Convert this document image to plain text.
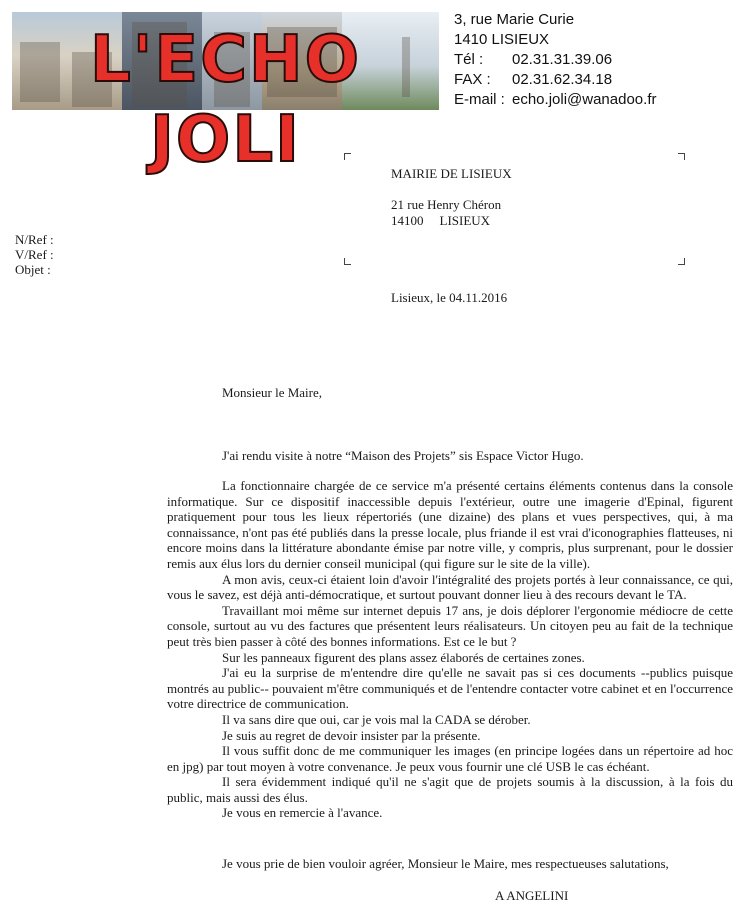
L'ECHO JOLI
3, rue Marie Curie
1410 LISIEUX
Tél : 02.31.31.39.06
FAX : 02.31.62.34.18
E-mail : echo.joli@wanadoo.fr
MAIRIE DE LISIEUX
21 rue Henry Chéron
14100 LISIEUX
N/Ref :
V/Ref :
Objet :
Lisieux, le 04.11.2016
Monsieur le Maire,
J'ai rendu visite à notre “Maison des Projets” sis Espace Victor Hugo.

La fonctionnaire chargée de ce service m'a présenté certains éléments contenus dans la console informatique. Sur ce dispositif inaccessible depuis l'extérieur, outre une imagerie d'Epinal, figurent pratiquement pour tous les lieux répertoriés (une dizaine) des plans et vues perspectives, qui, à ma connaissance, n'ont pas été publiés dans la presse locale, plus friande il est vrai d'iconographies flatteuses, ni encore moins dans la littérature abondante émise par notre ville, y compris, plus surprenant, pour le dossier remis aux élus lors du dernier conseil municipal (qui figure sur le site de la ville).

A mon avis, ceux-ci étaient loin d'avoir l'intégralité des projets portés à leur connaissance, ce qui, vous le savez, est déjà anti-démocratique, et surtout pouvant donner lieu à des recours devant le TA.

Travaillant moi même sur internet depuis 17 ans, je dois déplorer l'ergonomie médiocre de cette console, surtout au vu des factures que présentent leurs réalisateurs. Un citoyen peu au fait de la technique peut très bien passer à côté des bonnes informations. Est ce le but ?

Sur les panneaux figurent des plans assez élaborés de certaines zones.

J'ai eu la surprise de m'entendre dire qu'elle ne savait pas si ces documents --publics puisque montrés au public-- pouvaient m'être communiqués et de l'entendre contacter votre cabinet et en l'occurrence votre directrice de communication.

Il va sans dire que oui, car je vois mal la CADA se dérober.

Je suis au regret de devoir insister par la présente.

Il vous suffit donc de me communiquer les images (en principe logées dans un répertoire ad hoc en jpg) par tout moyen à votre convenance. Je peux vous fournir une clé USB le cas échéant.

Il sera évidemment indiqué qu'il ne s'agit que de projets soumis à la discussion, à la fois du public, mais aussi des élus.

Je vous en remercie à l'avance.

Je vous prie de bien vouloir agréer, Monsieur le Maire, mes respectueuses salutations,
A ANGELINI
